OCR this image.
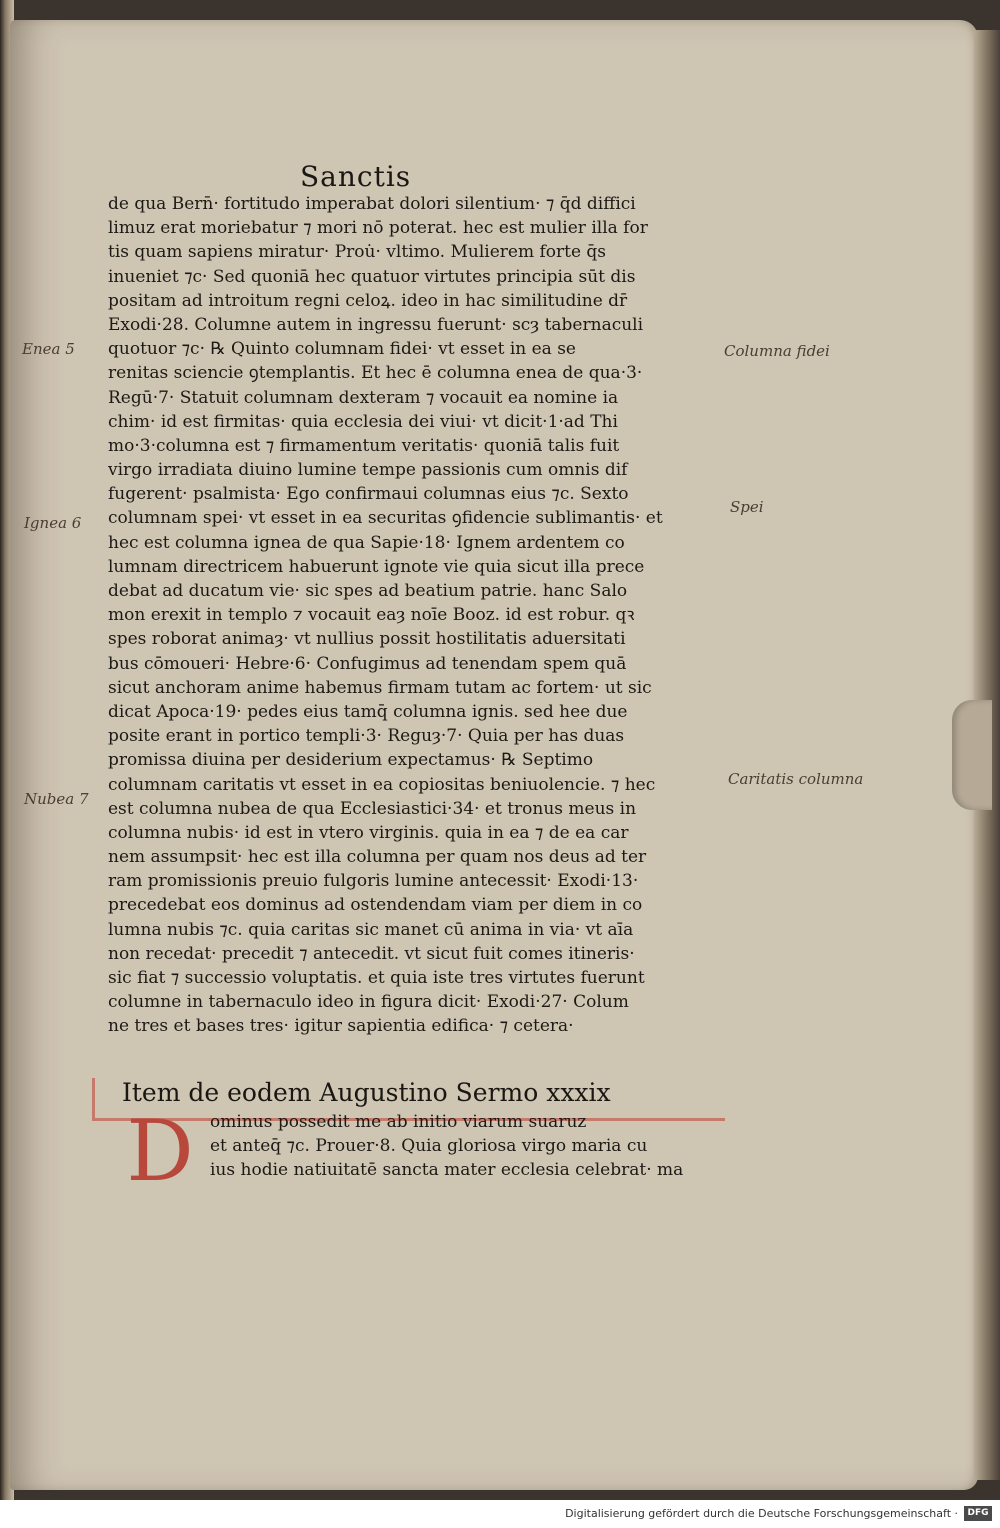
Sanctis
de qua Bern̄· fortitudo imperabat dolori silentium· ⁊ q̄d diffici
limuz erat moriebatur ⁊ mori nō poterat. hec est mulier illa for
tis quam sapiens miratur· Prou̇· vltimo. Mulierem forte q̄s
inueniet ⁊c· Sed quoniā hec quatuor virtutes principia sūt dis
positam ad introitum regni celoꝝ. ideo in hac similitudine dr̄
Exodi·28. Columne autem in ingressu fuerunt· scȝ tabernaculi
quotuor ⁊c· ℞ Quinto columnam fidei· vt esset in ea se
renitas sciencie ꝯtemplantis. Et hec ē columna enea de qua·3·
Regū·7· Statuit columnam dexteram ⁊ vocauit ea nomine ia
chim· id est firmitas· quia ecclesia dei viui· vt dicit·1·ad Thi
mo·3·columna est ⁊ firmamentum veritatis· quoniā talis fuit
virgo irradiata diuino lumine tempe passionis cum omnis dif
fugerent· psalmista· Ego confirmaui columnas eius ⁊c. Sexto
columnam spei· vt esset in ea securitas ꝯfidencie sublimantis· et
hec est columna ignea de qua Sapie·18· Ignem ardentem co
lumnam directricem habuerunt ignote vie quia sicut illa prece
debat ad ducatum vie· sic spes ad beatium patrie. hanc Salo
mon erexit in templo ⁊ vocauit eaȝ noīe Booz. id est robur. qꝛ
spes roborat animaȝ· vt nullius possit hostilitatis aduersitati
bus cōmoueri· Hebre·6· Confugimus ad tenendam spem quā
sicut anchoram anime habemus firmam tutam ac fortem· ut sic
dicat Apoca·19· pedes eius tamq̄ columna ignis. sed hee due
posite erant in portico templi·3· Reguȝ·7· Quia per has duas
promissa diuina per desiderium expectamus· ℞ Septimo
columnam caritatis vt esset in ea copiositas beniuolencie. ⁊ hec
est columna nubea de qua Ecclesiastici·34· et tronus meus in
columna nubis· id est in vtero virginis. quia in ea ⁊ de ea car
nem assumpsit· hec est illa columna per quam nos deus ad ter
ram promissionis preuio fulgoris lumine antecessit· Exodi·13·
precedebat eos dominus ad ostendendam viam per diem in co
lumna nubis ⁊c. quia caritas sic manet cū anima in via· vt aīa
non recedat· precedit ⁊ antecedit. vt sicut fuit comes itineris·
sic fiat ⁊ successio voluptatis. et quia iste tres virtutes fuerunt
columne in tabernaculo ideo in figura dicit· Exodi·27· Colum
ne tres et bases tres· igitur sapientia edifica· ⁊ cetera·
Item de eodem Augustino Sermo xxxix
D ominus possedit me ab initio viarum suaruz
et anteq̄ ⁊c. Prouer·8. Quia gloriosa virgo maria cu
ius hodie natiuitatē sancta mater ecclesia celebrat· ma
Enea 5	Columna fidei
Ignea 6
Spei
Nubea 7
Caritatis columna
Digitalisierung gefördert durch die Deutsche Forschungsgemeinschaft ·	DFG
